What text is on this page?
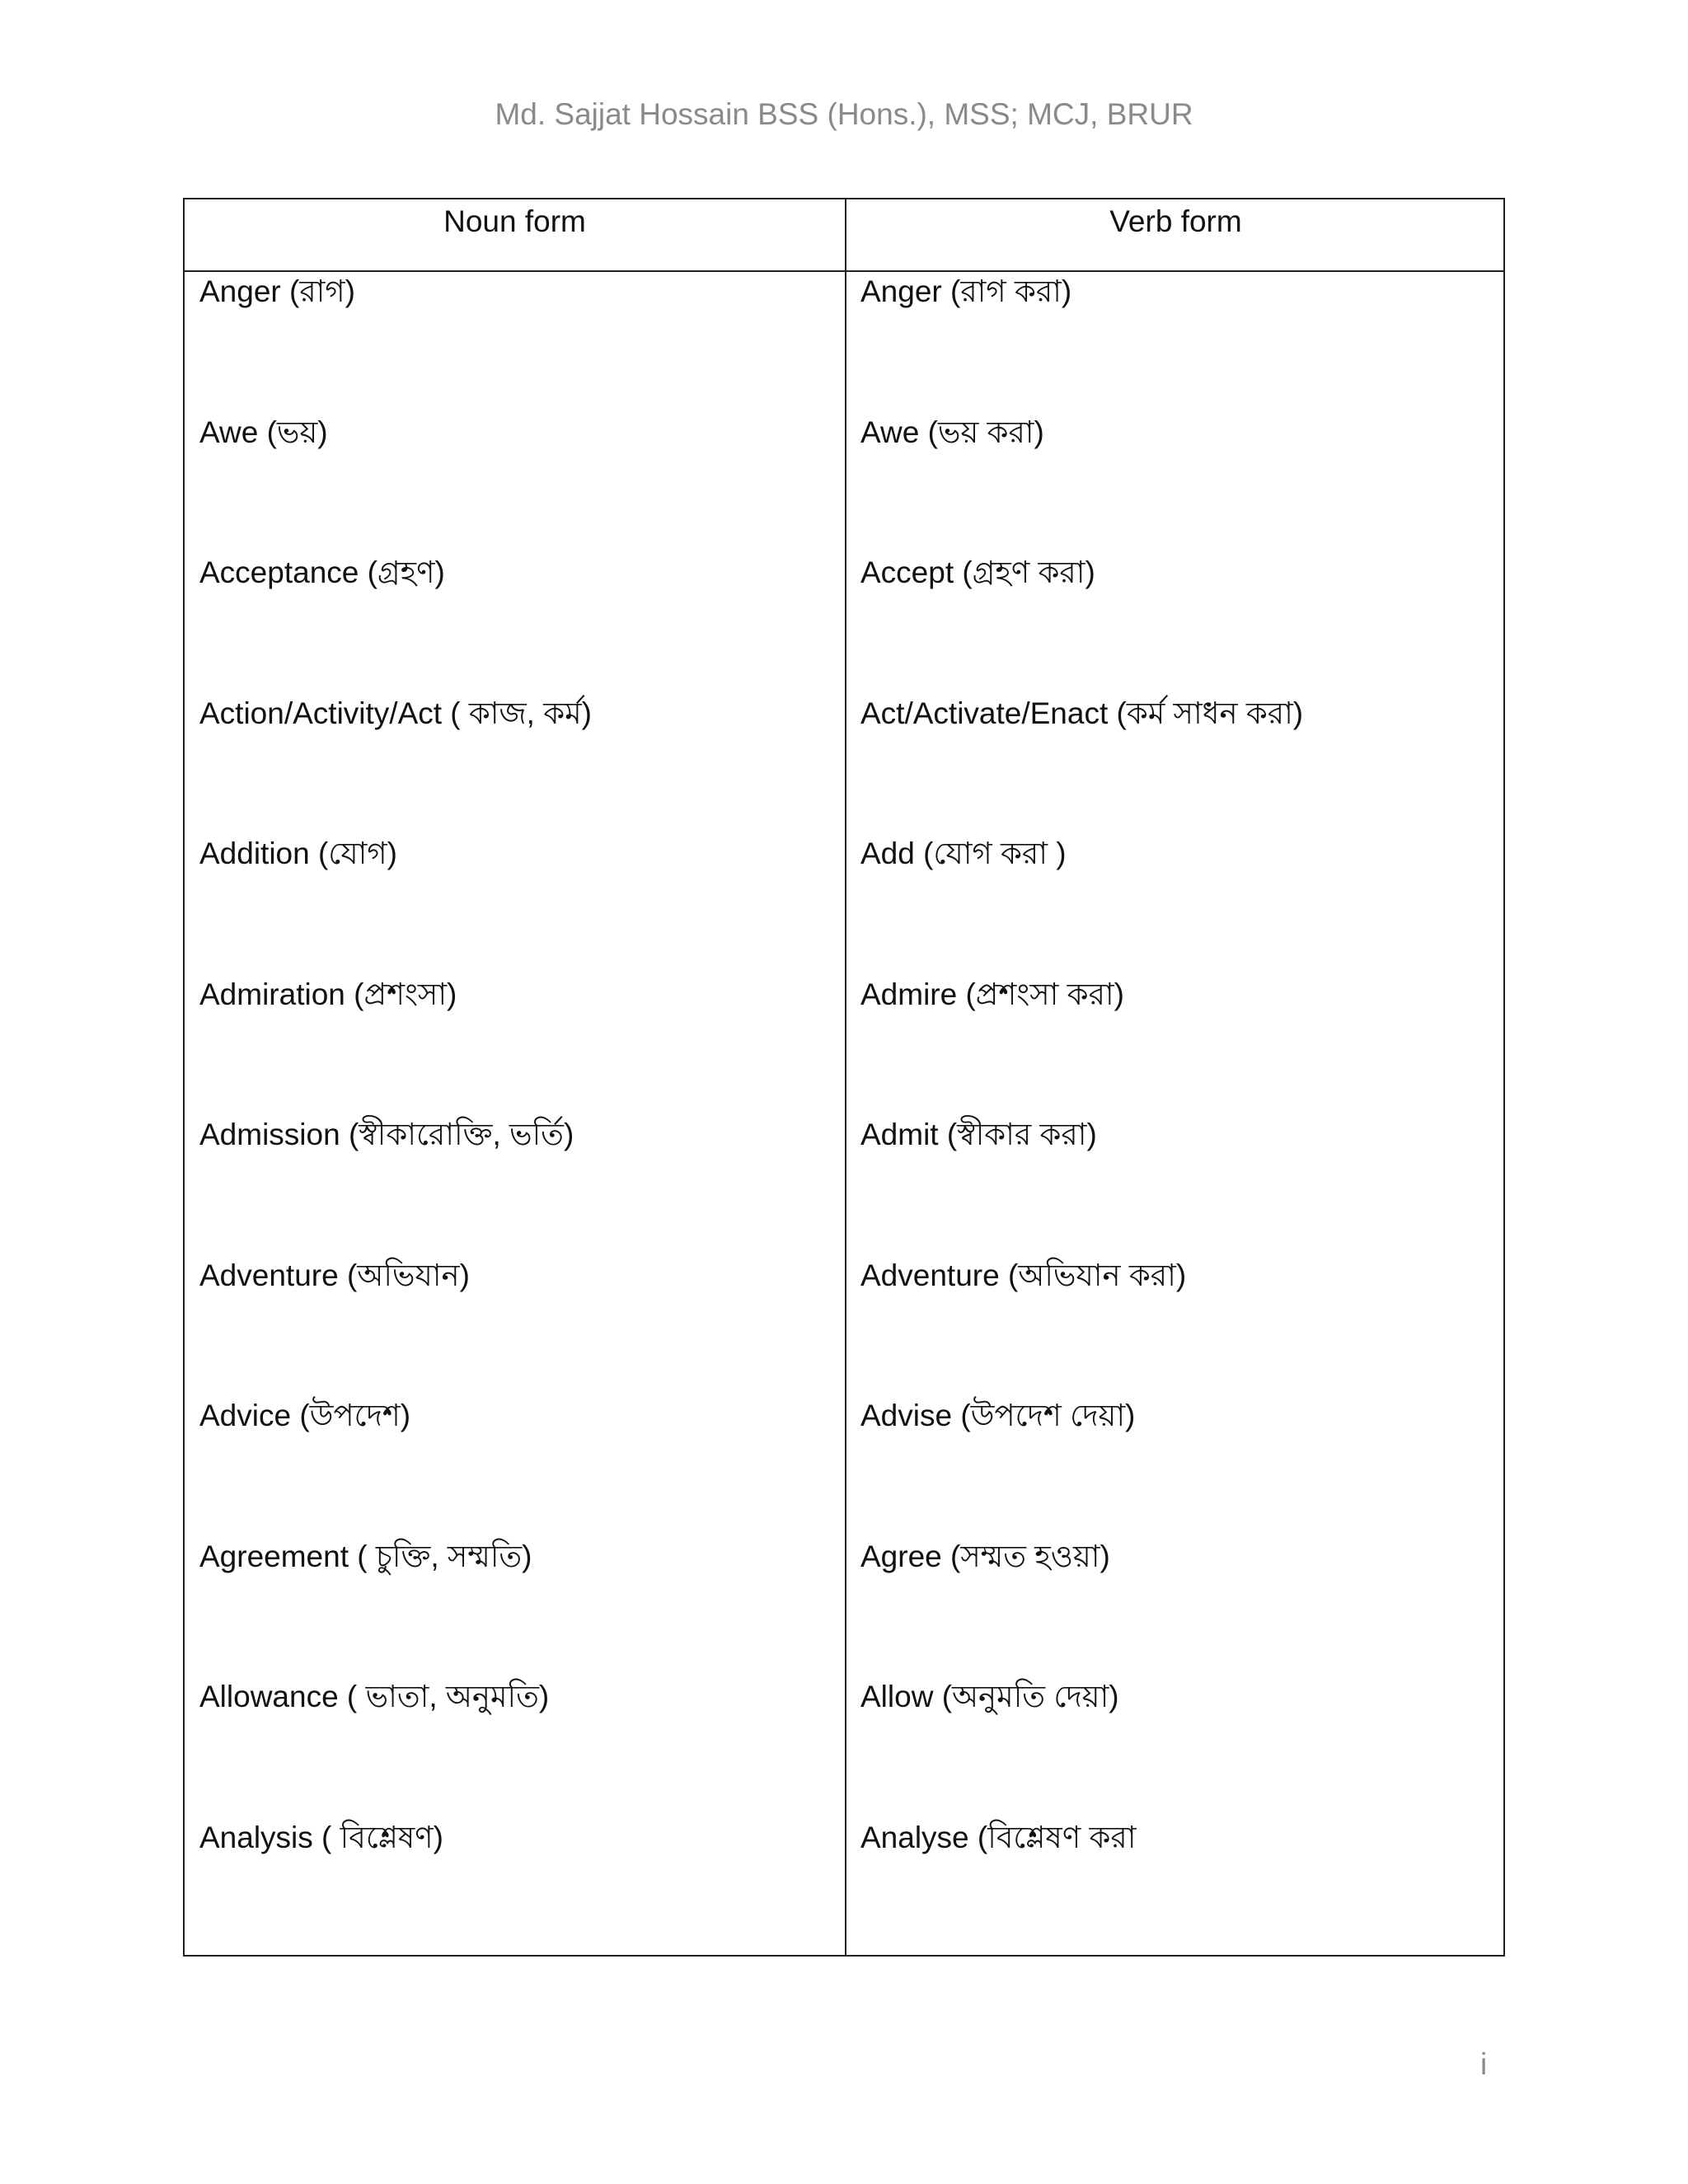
Md. Sajjat Hossain BSS (Hons.), MSS; MCJ, BRUR
Noun form	Verb form
Anger (রাগ)	Anger (রাগ করা)
Awe (ভয়)	Awe (ভয় করা)
Acceptance (গ্রহণ)	Accept (গ্রহণ করা)
Action/Activity/Act ( কাজ, কর্ম)	Act/Activate/Enact (কর্ম সাধন করা)
Addition (যোগ)	Add (যোগ করা )
Admiration (প্রশংসা)	Admire (প্রশংসা করা)
Admission (স্বীকারোক্তি, ভর্তি)	Admit (স্বীকার করা)
Adventure (অভিযান)	Adventure (অভিযান করা)
Advice (উপদেশ)	Advise (উপদেশ দেয়া)
Agreement ( চুক্তি, সম্মতি)	Agree (সম্মত হওয়া)
Allowance ( ভাতা, অনুমতি)	Allow (অনুমতি দেয়া)
Analysis ( বিশ্লেষণ)	Analyse (বিশ্লেষণ করা
i
